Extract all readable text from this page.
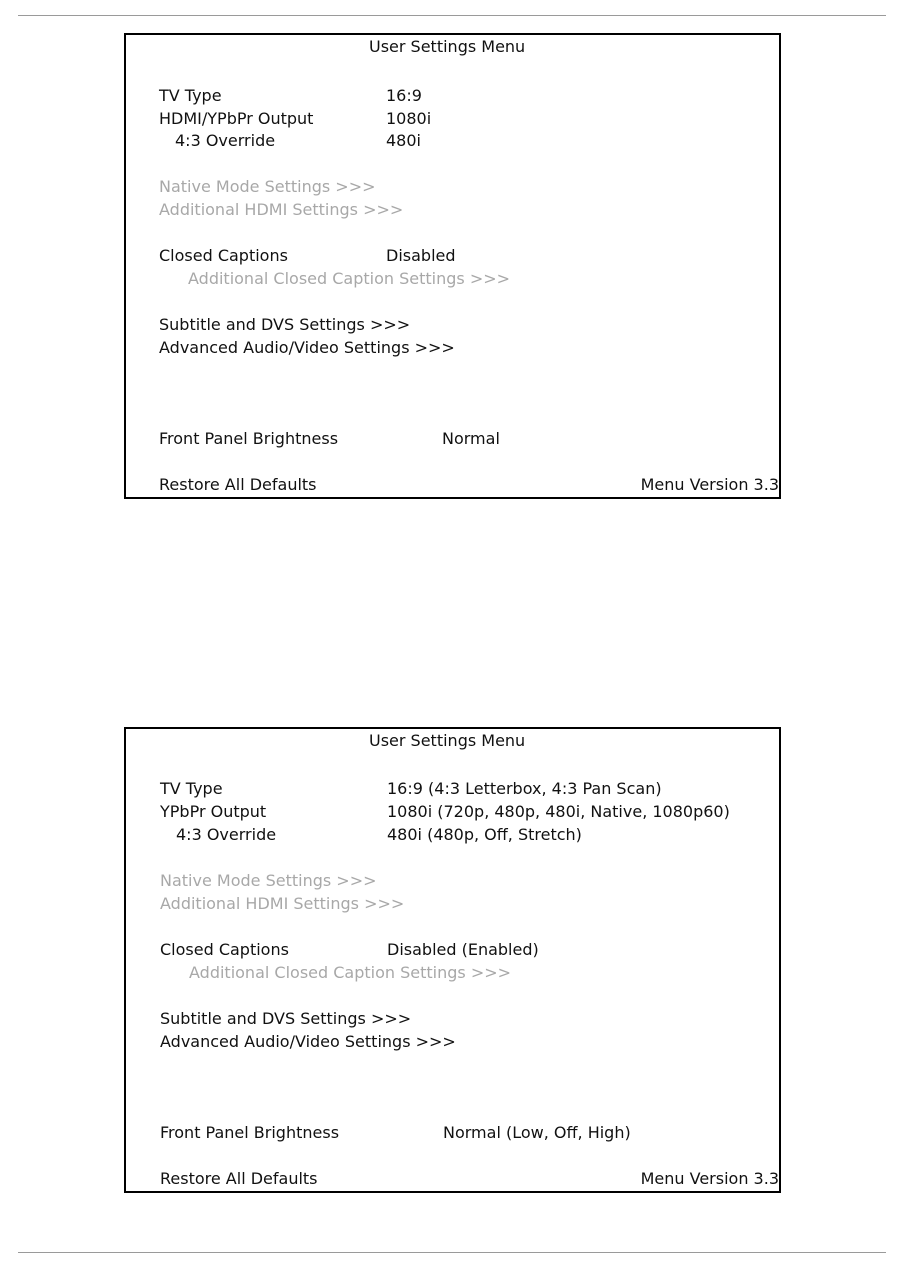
User Settings Menu
TV Type	16:9
HDMI/YPbPr Output	1080i
4:3 Override	480i
Native Mode Settings >>>
Additional HDMI Settings >>>
Closed Captions	Disabled
Additional Closed Caption Settings >>>
Subtitle and DVS Settings >>>
Advanced Audio/Video Settings >>>
Front Panel Brightness	Normal
Restore All Defaults	Menu Version 3.3
User Settings Menu
TV Type	16:9 (4:3 Letterbox, 4:3 Pan Scan)
YPbPr Output	1080i (720p, 480p, 480i, Native, 1080p60)
4:3 Override	480i (480p, Off, Stretch)
Native Mode Settings >>>
Additional HDMI Settings >>>
Closed Captions	Disabled (Enabled)
Additional Closed Caption Settings >>>
Subtitle and DVS Settings >>>
Advanced Audio/Video Settings >>>
Front Panel Brightness	Normal (Low, Off, High)
Restore All Defaults	Menu Version 3.3
